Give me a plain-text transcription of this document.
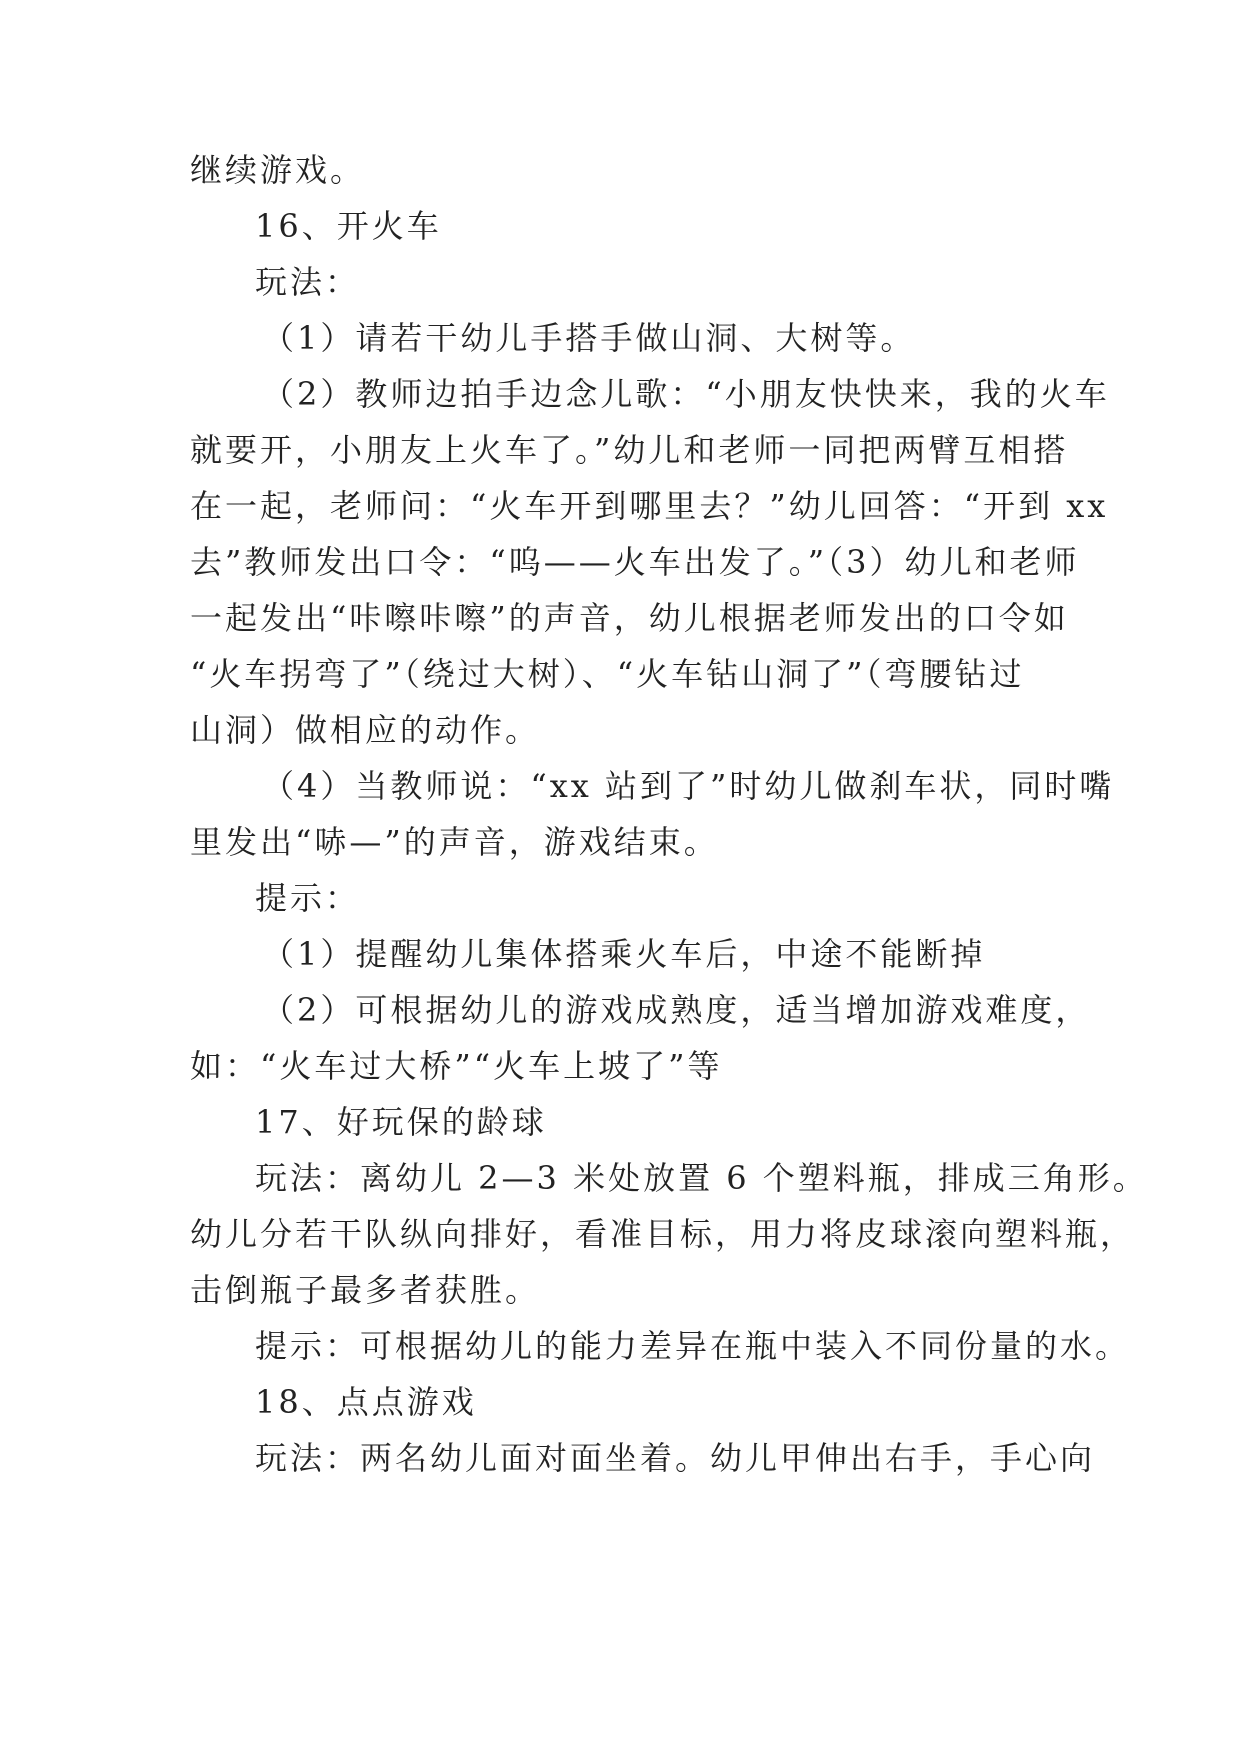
继续游戏。
16、开火车
玩法：
（1）请若干幼儿手搭手做山洞、大树等。
（2）教师边拍手边念儿歌：“小朋友快快来，我的火车
就要开，小朋友上火车了。”幼儿和老师一同把两臂互相搭
在一起，老师问：“火车开到哪里去？”幼儿回答：“开到 xx
去”教师发出口令：“呜——火车出发了。”（3）幼儿和老师
一起发出“咔嚓咔嚓”的声音，幼儿根据老师发出的口令如
“火车拐弯了”（绕过大树）、“火车钻山洞了”（弯腰钻过
山洞）做相应的动作。
（4）当教师说：“xx 站到了”时幼儿做刹车状，同时嘴
里发出“哧—”的声音，游戏结束。
提示：
（1）提醒幼儿集体搭乘火车后，中途不能断掉
（2）可根据幼儿的游戏成熟度，适当增加游戏难度，
如：“火车过大桥”“火车上坡了”等
17、好玩保的龄球
玩法：离幼儿 2—3 米处放置 6 个塑料瓶，排成三角形。
幼儿分若干队纵向排好，看准目标，用力将皮球滚向塑料瓶，
击倒瓶子最多者获胜。
提示：可根据幼儿的能力差异在瓶中装入不同份量的水。
18、点点游戏
玩法：两名幼儿面对面坐着。幼儿甲伸出右手，手心向
